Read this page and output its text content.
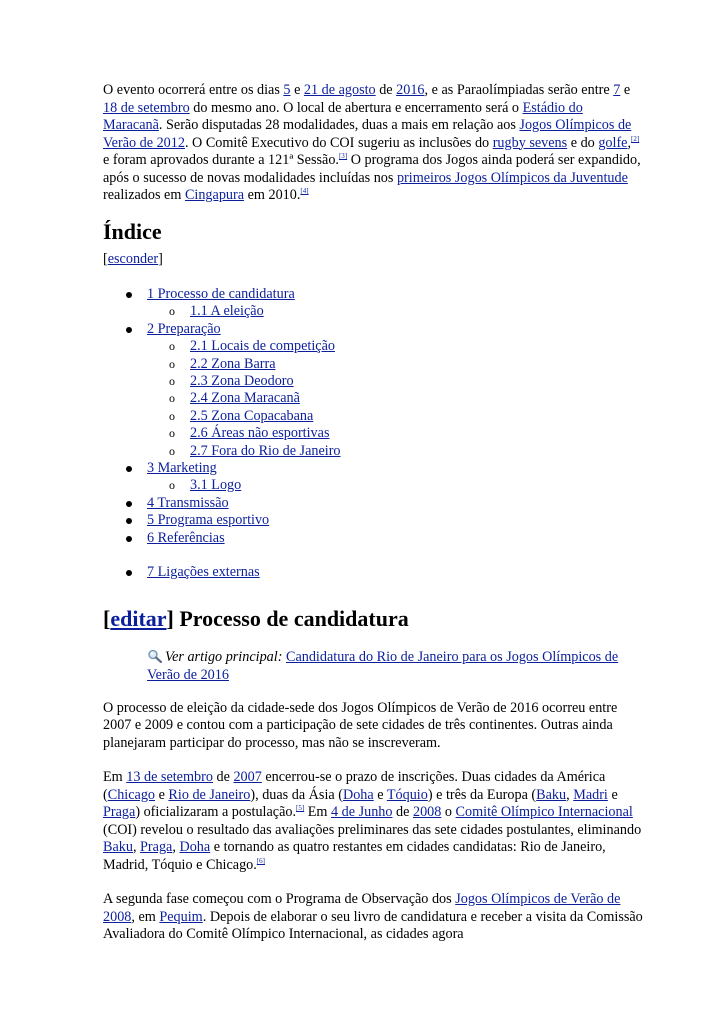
O evento ocorrerá entre os dias 5 e 21 de agosto de 2016, e as Paraolímpiadas serão entre 7 e 18 de setembro do mesmo ano. O local de abertura e encerramento será o Estádio do Maracanã. Serão disputadas 28 modalidades, duas a mais em relação aos Jogos Olímpicos de Verão de 2012. O Comitê Executivo do COI sugeriu as inclusões do rugby sevens e do golfe,[2] e foram aprovados durante a 121ª Sessão.[3] O programa dos Jogos ainda poderá ser expandido, após o sucesso de novas modalidades incluídas nos primeiros Jogos Olímpicos da Juventude realizados em Cingapura em 2010.[4]

Índice
[esconder]
1 Processo de candidatura
o 1.1 A eleição
2 Preparação
o 2.1 Locais de competição
o 2.2 Zona Barra
o 2.3 Zona Deodoro
o 2.4 Zona Maracanã
o 2.5 Zona Copacabana
o 2.6 Áreas não esportivas
o 2.7 Fora do Rio de Janeiro
3 Marketing
o 3.1 Logo
4 Transmissão
5 Programa esportivo
6 Referências
7 Ligações externas
[editar] Processo de candidatura
Ver artigo principal: Candidatura do Rio de Janeiro para os Jogos Olímpicos de Verão de 2016

O processo de eleição da cidade-sede dos Jogos Olímpicos de Verão de 2016 ocorreu entre 2007 e 2009 e contou com a participação de sete cidades de três continentes. Outras ainda planejaram participar do processo, mas não se inscreveram.

Em 13 de setembro de 2007 encerrou-se o prazo de inscrições. Duas cidades da América (Chicago e Rio de Janeiro), duas da Ásia (Doha e Tóquio) e três da Europa (Baku, Madri e Praga) oficializaram a postulação.[5] Em 4 de Junho de 2008 o Comitê Olímpico Internacional (COI) revelou o resultado das avaliações preliminares das sete cidades postulantes, eliminando Baku, Praga, Doha e tornando as quatro restantes em cidades candidatas: Rio de Janeiro, Madrid, Tóquio e Chicago.[6]

A segunda fase começou com o Programa de Observação dos Jogos Olímpicos de Verão de 2008, em Pequim. Depois de elaborar o seu livro de candidatura e receber a visita da Comissão Avaliadora do Comitê Olímpico Internacional, as cidades agora
